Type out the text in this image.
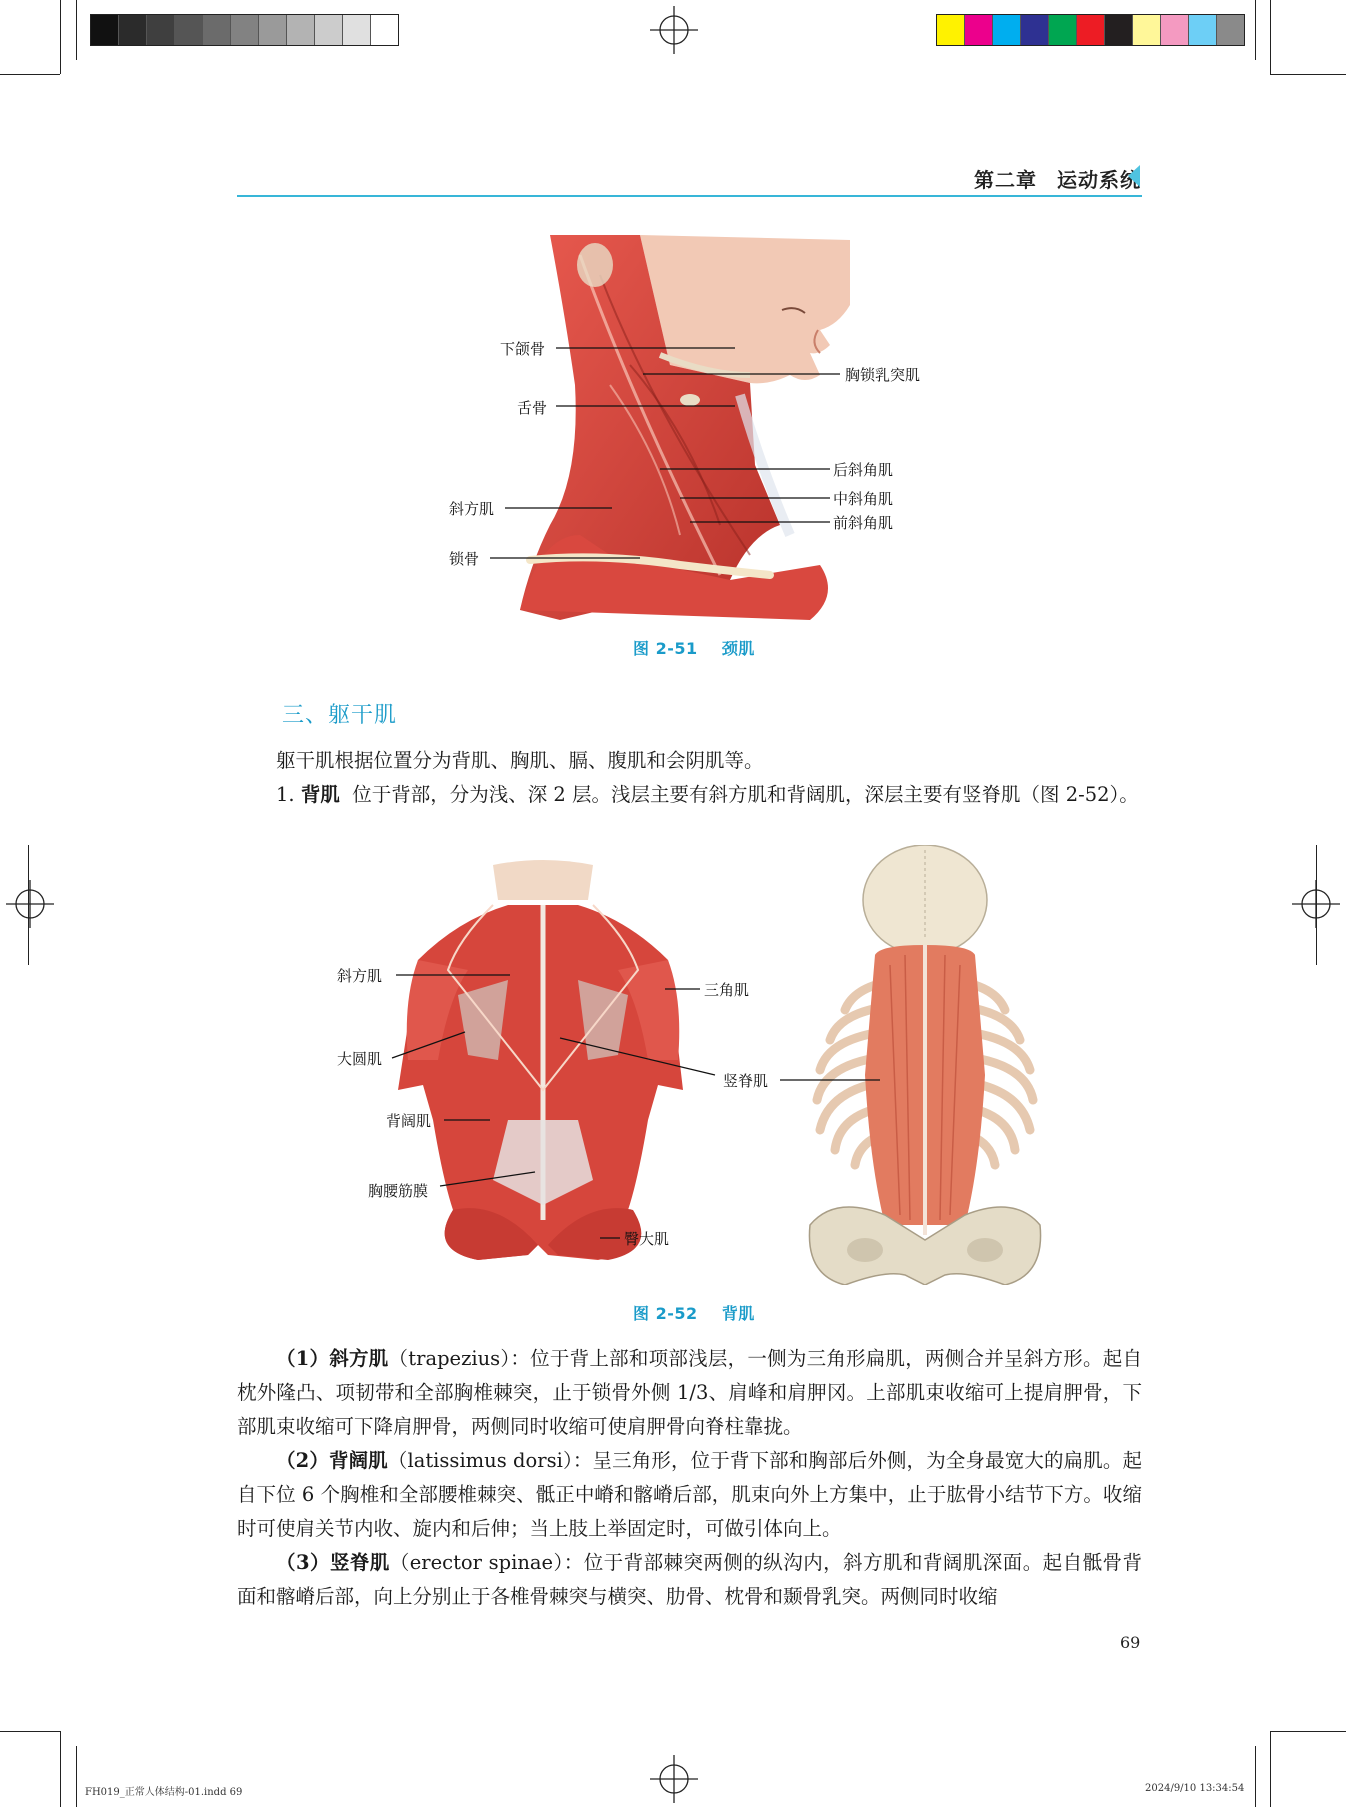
第二章 运动系统
下颌骨
胸锁乳突肌
舌骨
后斜角肌
中斜角肌
前斜角肌
斜方肌
锁骨
图 2-51 颈肌
三、躯干肌
躯干肌根据位置分为背肌、胸肌、膈、腹肌和会阴肌等。
1. 背肌 位于背部，分为浅、深 2 层。浅层主要有斜方肌和背阔肌，深层主要有竖脊肌（图 2-52）。
斜方肌
三角肌
大圆肌
竖脊肌
背阔肌
胸腰筋膜
臀大肌
图 2-52 背肌
（1）斜方肌（trapezius）：位于背上部和项部浅层，一侧为三角形扁肌，两侧合并呈斜方形。起自枕外隆凸、项韧带和全部胸椎棘突，止于锁骨外侧 1/3、肩峰和肩胛冈。上部肌束收缩可上提肩胛骨，下部肌束收缩可下降肩胛骨，两侧同时收缩可使肩胛骨向脊柱靠拢。
（2）背阔肌（latissimus dorsi）：呈三角形，位于背下部和胸部后外侧，为全身最宽大的扁肌。起自下位 6 个胸椎和全部腰椎棘突、骶正中嵴和髂嵴后部，肌束向外上方集中，止于肱骨小结节下方。收缩时可使肩关节内收、旋内和后伸；当上肢上举固定时，可做引体向上。
（3）竖脊肌（erector spinae）：位于背部棘突两侧的纵沟内，斜方肌和背阔肌深面。起自骶骨背面和髂嵴后部，向上分别止于各椎骨棘突与横突、肋骨、枕骨和颞骨乳突。两侧同时收缩
69
FH019_正常人体结构-01.indd 69	2024/9/10 13:34:54
